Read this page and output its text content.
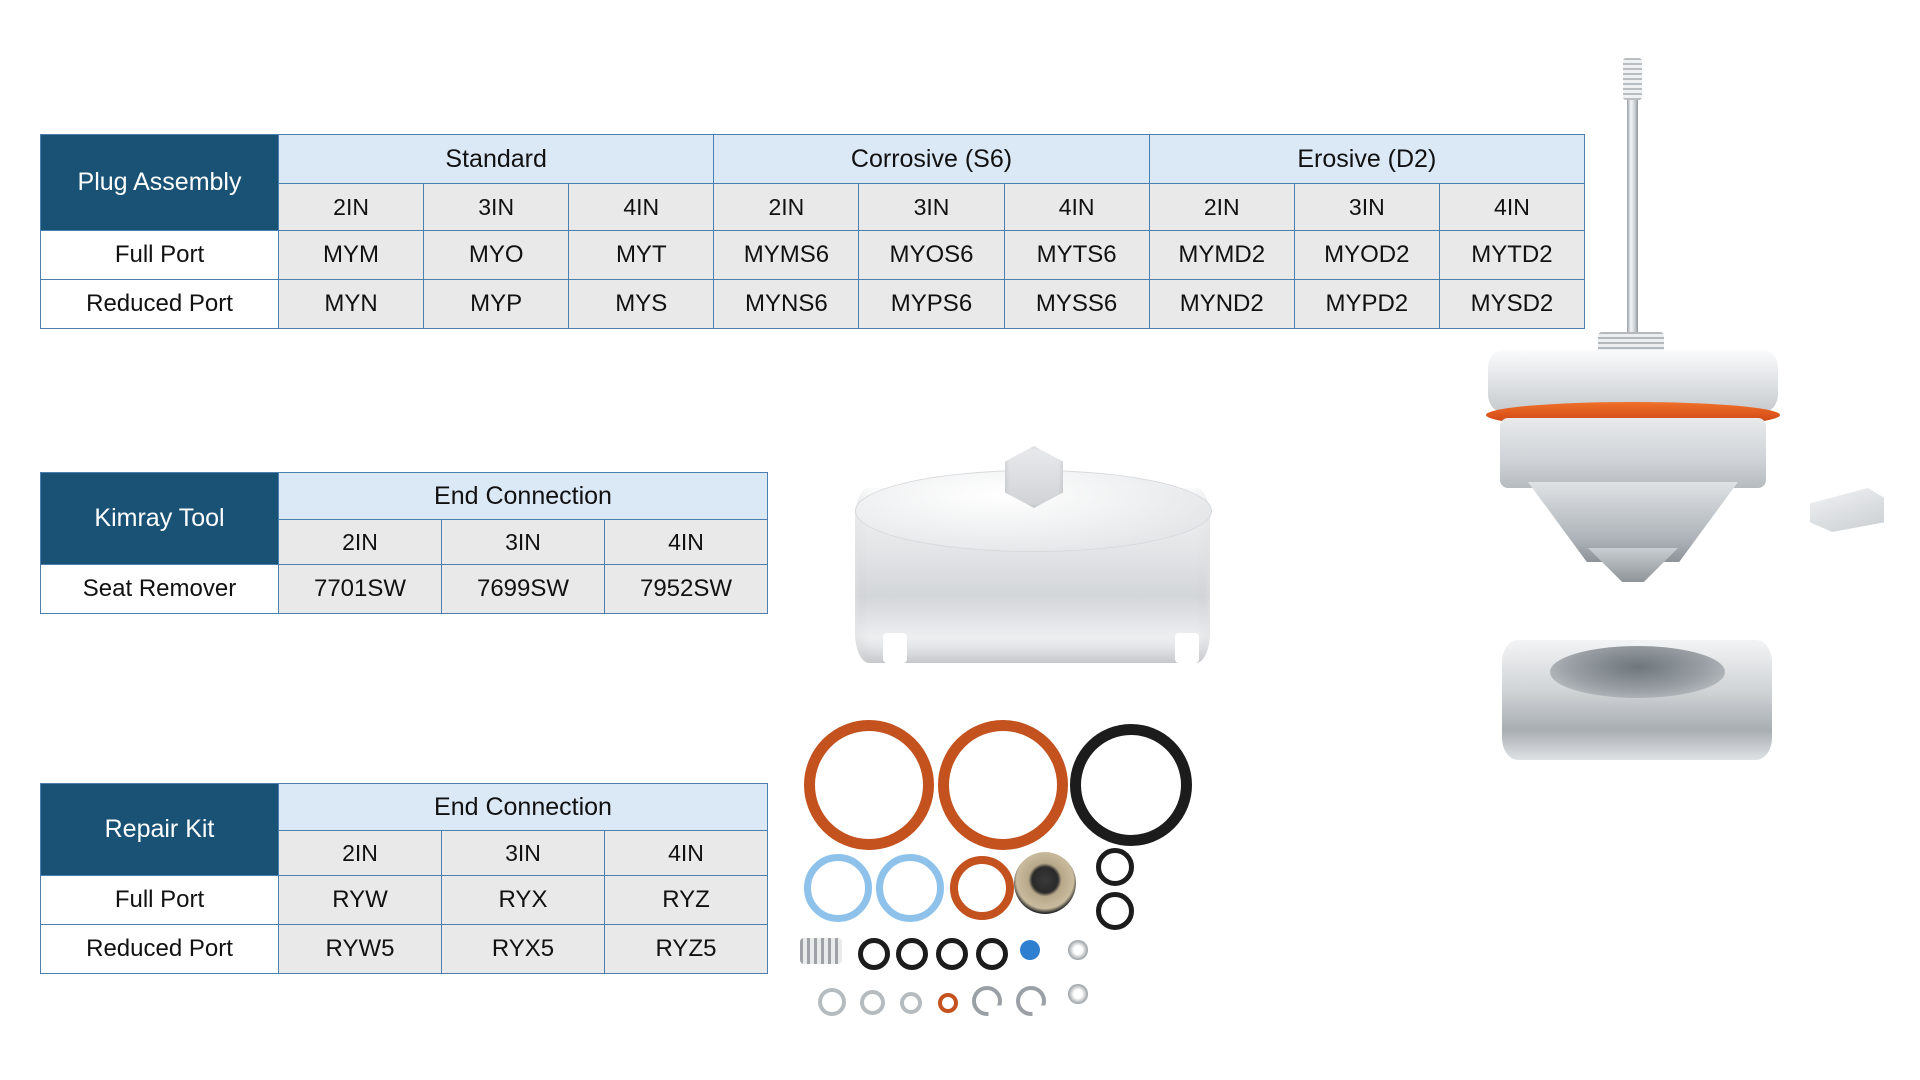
Plug Assembly	Standard			Corrosive (S6)			Erosive (D2)		
	2IN	3IN	4IN	2IN	3IN	4IN	2IN	3IN	4IN
Full Port	MYM	MYO	MYT	MYMS6	MYOS6	MYTS6	MYMD2	MYOD2	MYTD2
Reduced Port	MYN	MYP	MYS	MYNS6	MYPS6	MYSS6	MYND2	MYPD2	MYSD2
Kimray Tool	End Connection		
	2IN	3IN	4IN
Seat Remover	7701SW	7699SW	7952SW
Repair Kit	End Connection		
	2IN	3IN	4IN
Full Port	RYW	RYX	RYZ
Reduced Port	RYW5	RYX5	RYZ5
